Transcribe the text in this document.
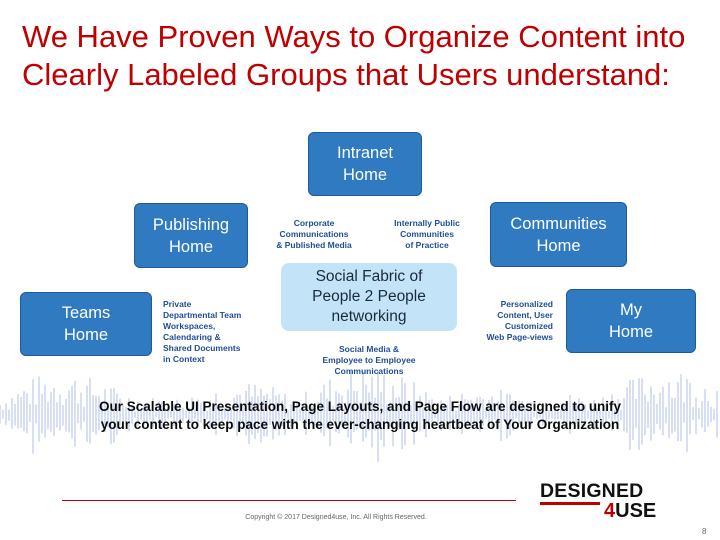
We Have Proven Ways to Organize Content into
Clearly Labeled Groups that Users understand:
Intranet
Home
Publishing
Home
Communities
Home
Teams
Home
My
Home
Social Fabric of
People 2 People
networking
Corporate
Communications
& Published Media
Internally Public
Communities
of Practice
Private
Departmental Team
Workspaces,
Calendaring &
Shared Documents
in Context
Personalized
Content, User
Customized
Web Page-views
Social Media &
Employee to Employee
Communications
Our Scalable UI Presentation, Page Layouts, and Page Flow are designed to unify
your content to keep pace with the ever-changing heartbeat of Your Organization
Copyright © 2017 Designed4use, Inc. All Rights Reserved.
DESIGNED
4USE
8
